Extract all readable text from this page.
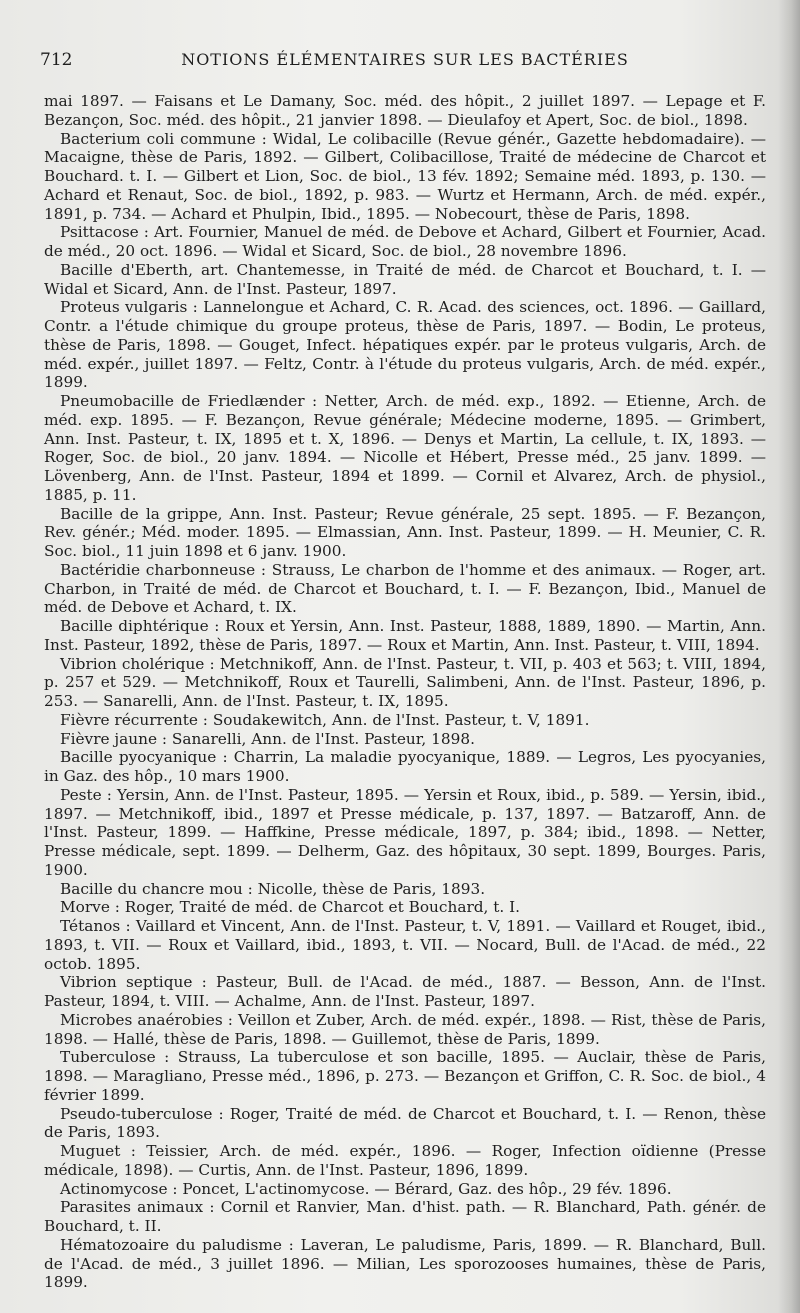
712	NOTIONS ÉLÉMENTAIRES SUR LES BACTÉRIES

mai 1897. — Faisans et Le Damany, Soc. méd. des hôpit., 2 juillet 1897. — Lepage et F. Bezançon, Soc. méd. des hôpit., 21 janvier 1898. — Dieulafoy et Apert, Soc. de biol., 1898.

Bacterium coli commune : Widal, Le colibacille (Revue génér., Gazette hebdomadaire). — Macaigne, thèse de Paris, 1892. — Gilbert, Colibacillose, Traité de médecine de Charcot et Bouchard. t. I. — Gilbert et Lion, Soc. de biol., 13 fév. 1892; Semaine méd. 1893, p. 130. — Achard et Renaut, Soc. de biol., 1892, p. 983. — Wurtz et Hermann, Arch. de méd. expér., 1891, p. 734. — Achard et Phulpin, Ibid., 1895. — Nobecourt, thèse de Paris, 1898.

Psittacose : Art. Fournier, Manuel de méd. de Debove et Achard, Gilbert et Fournier, Acad. de méd., 20 oct. 1896. — Widal et Sicard, Soc. de biol., 28 novembre 1896.

Bacille d'Eberth, art. Chantemesse, in Traité de méd. de Charcot et Bouchard, t. I. — Widal et Sicard, Ann. de l'Inst. Pasteur, 1897.

Proteus vulgaris : Lannelongue et Achard, C. R. Acad. des sciences, oct. 1896. — Gaillard, Contr. a l'étude chimique du groupe proteus, thèse de Paris, 1897. — Bodin, Le proteus, thèse de Paris, 1898. — Gouget, Infect. hépatiques expér. par le proteus vulgaris, Arch. de méd. expér., juillet 1897. — Feltz, Contr. à l'étude du proteus vulgaris, Arch. de méd. expér., 1899.

Pneumobacille de Friedlænder : Netter, Arch. de méd. exp., 1892. — Etienne, Arch. de méd. exp. 1895. — F. Bezançon, Revue générale; Médecine moderne, 1895. — Grimbert, Ann. Inst. Pasteur, t. IX, 1895 et t. X, 1896. — Denys et Martin, La cellule, t. IX, 1893. — Roger, Soc. de biol., 20 janv. 1894. — Nicolle et Hébert, Presse méd., 25 janv. 1899. — Lövenberg, Ann. de l'Inst. Pasteur, 1894 et 1899. — Cornil et Alvarez, Arch. de physiol., 1885, p. 11.

Bacille de la grippe, Ann. Inst. Pasteur; Revue générale, 25 sept. 1895. — F. Bezançon, Rev. génér.; Méd. moder. 1895. — Elmassian, Ann. Inst. Pasteur, 1899. — H. Meunier, C. R. Soc. biol., 11 juin 1898 et 6 janv. 1900.

Bactéridie charbonneuse : Strauss, Le charbon de l'homme et des animaux. — Roger, art. Charbon, in Traité de méd. de Charcot et Bouchard, t. I. — F. Bezançon, Ibid., Manuel de méd. de Debove et Achard, t. IX.

Bacille diphtérique : Roux et Yersin, Ann. Inst. Pasteur, 1888, 1889, 1890. — Martin, Ann. Inst. Pasteur, 1892, thèse de Paris, 1897. — Roux et Martin, Ann. Inst. Pasteur, t. VIII, 1894.

Vibrion cholérique : Metchnikoff, Ann. de l'Inst. Pasteur, t. VII, p. 403 et 563; t. VIII, 1894, p. 257 et 529. — Metchnikoff, Roux et Taurelli, Salimbeni, Ann. de l'Inst. Pasteur, 1896, p. 253. — Sanarelli, Ann. de l'Inst. Pasteur, t. IX, 1895.

Fièvre récurrente : Soudakewitch, Ann. de l'Inst. Pasteur, t. V, 1891.

Fièvre jaune : Sanarelli, Ann. de l'Inst. Pasteur, 1898.

Bacille pyocyanique : Charrin, La maladie pyocyanique, 1889. — Legros, Les pyocyanies, in Gaz. des hôp., 10 mars 1900.

Peste : Yersin, Ann. de l'Inst. Pasteur, 1895. — Yersin et Roux, ibid., p. 589. — Yersin, ibid., 1897. — Metchnikoff, ibid., 1897 et Presse médicale, p. 137, 1897. — Batzaroff, Ann. de l'Inst. Pasteur, 1899. — Haffkine, Presse médicale, 1897, p. 384; ibid., 1898. — Netter, Presse médicale, sept. 1899. — Delherm, Gaz. des hôpitaux, 30 sept. 1899, Bourges. Paris, 1900.

Bacille du chancre mou : Nicolle, thèse de Paris, 1893.

Morve : Roger, Traité de méd. de Charcot et Bouchard, t. I.

Tétanos : Vaillard et Vincent, Ann. de l'Inst. Pasteur, t. V, 1891. — Vaillard et Rouget, ibid., 1893, t. VII. — Roux et Vaillard, ibid., 1893, t. VII. — Nocard, Bull. de l'Acad. de méd., 22 octob. 1895.

Vibrion septique : Pasteur, Bull. de l'Acad. de méd., 1887. — Besson, Ann. de l'Inst. Pasteur, 1894, t. VIII. — Achalme, Ann. de l'Inst. Pasteur, 1897.

Microbes anaérobies : Veillon et Zuber, Arch. de méd. expér., 1898. — Rist, thèse de Paris, 1898. — Hallé, thèse de Paris, 1898. — Guillemot, thèse de Paris, 1899.

Tuberculose : Strauss, La tuberculose et son bacille, 1895. — Auclair, thèse de Paris, 1898. — Maragliano, Presse méd., 1896, p. 273. — Bezançon et Griffon, C. R. Soc. de biol., 4 février 1899.

Pseudo-tuberculose : Roger, Traité de méd. de Charcot et Bouchard, t. I. — Renon, thèse de Paris, 1893.

Muguet : Teissier, Arch. de méd. expér., 1896. — Roger, Infection oïdienne (Presse médicale, 1898). — Curtis, Ann. de l'Inst. Pasteur, 1896, 1899.

Actinomycose : Poncet, L'actinomycose. — Bérard, Gaz. des hôp., 29 fév. 1896.

Parasites animaux : Cornil et Ranvier, Man. d'hist. path. — R. Blanchard, Path. génér. de Bouchard, t. II.

Hématozoaire du paludisme : Laveran, Le paludisme, Paris, 1899. — R. Blanchard, Bull. de l'Acad. de méd., 3 juillet 1896. — Milian, Les sporozooses humaines, thèse de Paris, 1899.
